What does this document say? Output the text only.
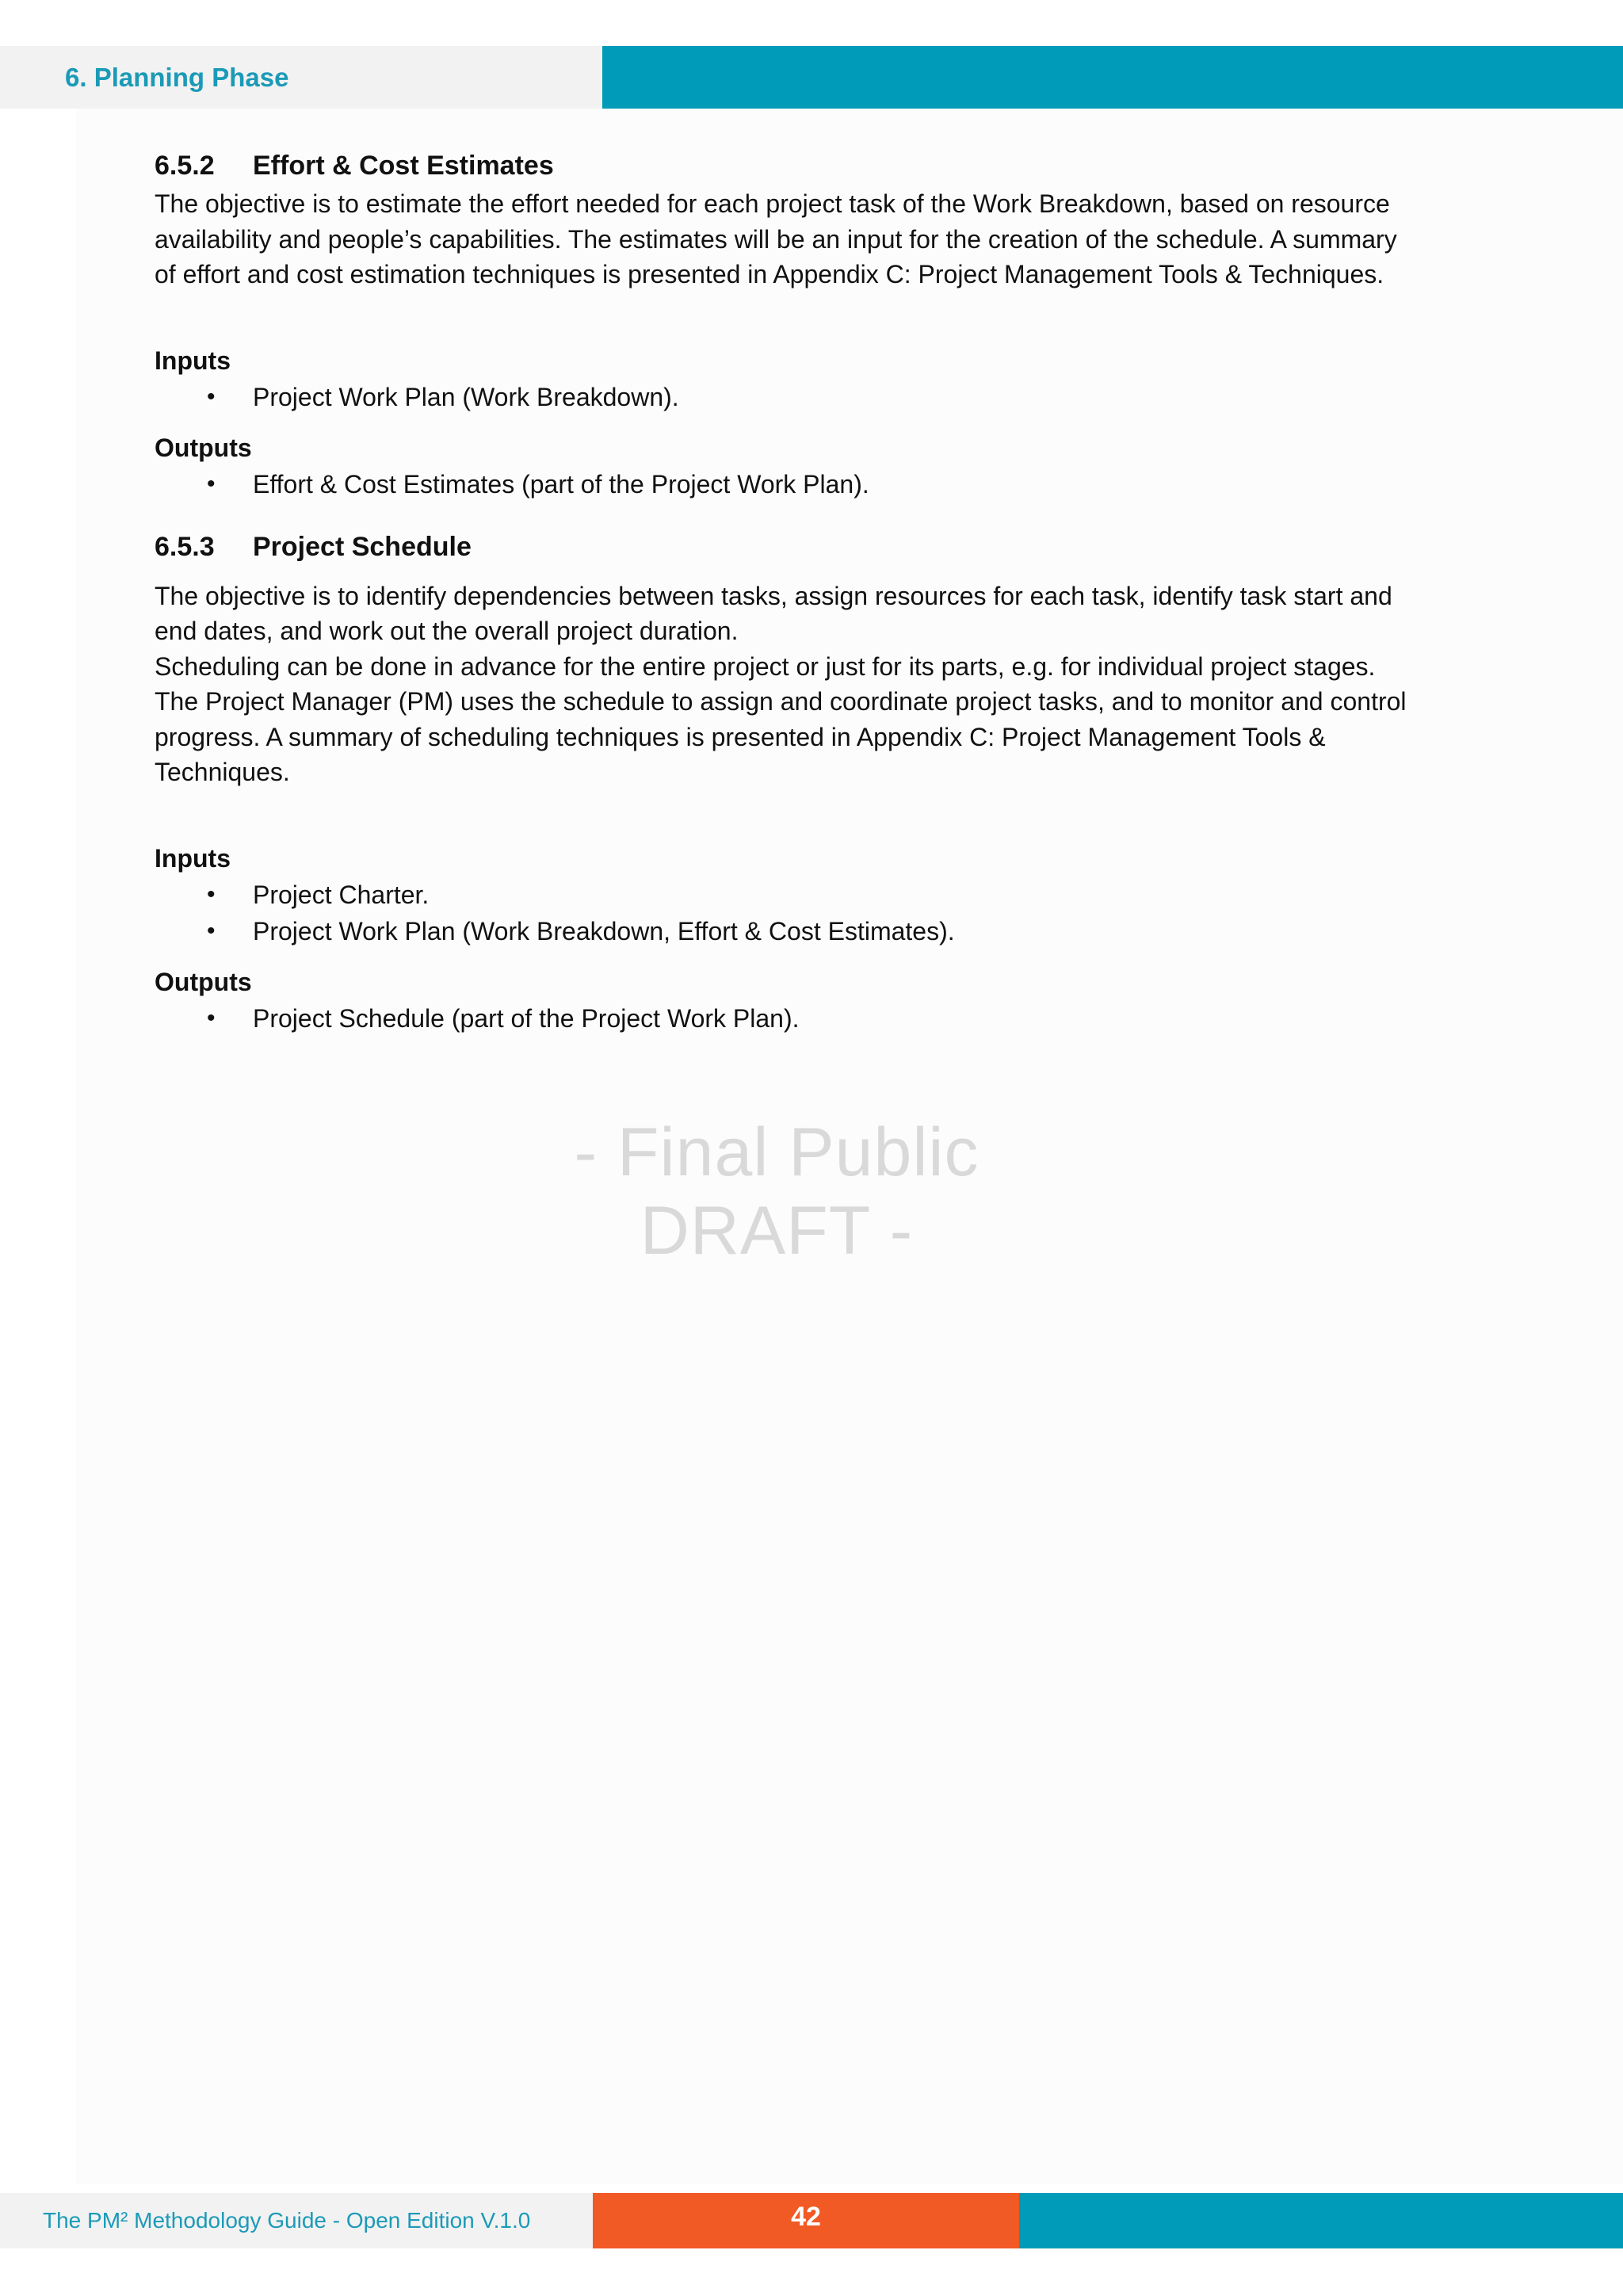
6. Planning Phase
6.5.2 Effort & Cost Estimates

The objective is to estimate the effort needed for each project task of the Work Breakdown, based on resource availability and people’s capabilities. The estimates will be an input for the creation of the schedule. A summary of effort and cost estimation techniques is presented in Appendix C: Project Management Tools & Techniques.

Inputs

• Project Work Plan (Work Breakdown).

Outputs

• Effort & Cost Estimates (part of the Project Work Plan).
6.5.3 Project Schedule

The objective is to identify dependencies between tasks, assign resources for each task, identify task start and end dates, and work out the overall project duration.

Scheduling can be done in advance for the entire project or just for its parts, e.g. for individual project stages. The Project Manager (PM) uses the schedule to assign and coordinate project tasks, and to monitor and control progress. A summary of scheduling techniques is presented in Appendix C: Project Management Tools & Techniques.

Inputs

• Project Charter.
• Project Work Plan (Work Breakdown, Effort & Cost Estimates).

Outputs

• Project Schedule (part of the Project Work Plan).
- Final Public DRAFT -
The PM² Methodology Guide - Open Edition V.1.0	42
